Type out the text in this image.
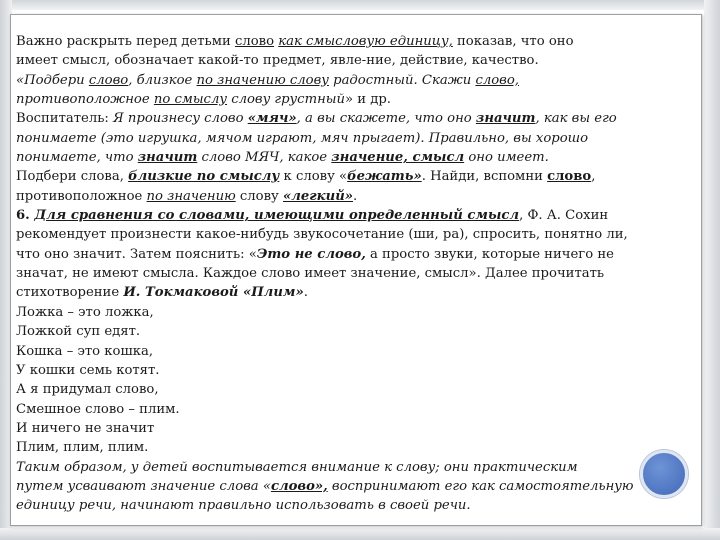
Важно раскрыть перед детьми слово как смысловую единицу, показав, что оно
имеет смысл, обозначает какой-то предмет, явле-ние, действие, качество.
«Подбери слово, близкое по значению слову радостный. Скажи слово,
противоположное по смыслу слову грустный» и др.
Воспитатель: Я произнесу слово «мяч», а вы скажете, что оно значит, как вы его
понимаете (это игрушка, мячом играют, мяч прыгает). Правильно, вы хорошо
понимаете, что значит слово МЯЧ, какое значение, смысл оно имеет.
Подбери слова, близкие по смыслу к слову «бежать». Найди, вспомни слово,
противоположное по значению слову «легкий».
6. Для сравнения со словами, имеющими определенный смысл, Ф. А. Сохин
рекомендует произнести какое-нибудь звукосочетание (ши, ра), спросить, понятно ли,
что оно значит. Затем пояснить: «Это не слово, а просто звуки, которые ничего не
значат, не имеют смысла. Каждое слово имеет значение, смысл». Далее прочитать
стихотворение И. Токмаковой «Плим».
Ложка – это ложка,
Ложкой суп едят.
Кошка – это кошка,
У кошки семь котят.
А я придумал слово,
Смешное слово – плим.
И ничего не значит
Плим, плим, плим.
Таким образом, у детей воспитывается внимание к слову; они практическим
путем усваивают значение слова «слово», воспринимают его как самостоятельную
единицу речи, начинают правильно использовать в своей речи.
